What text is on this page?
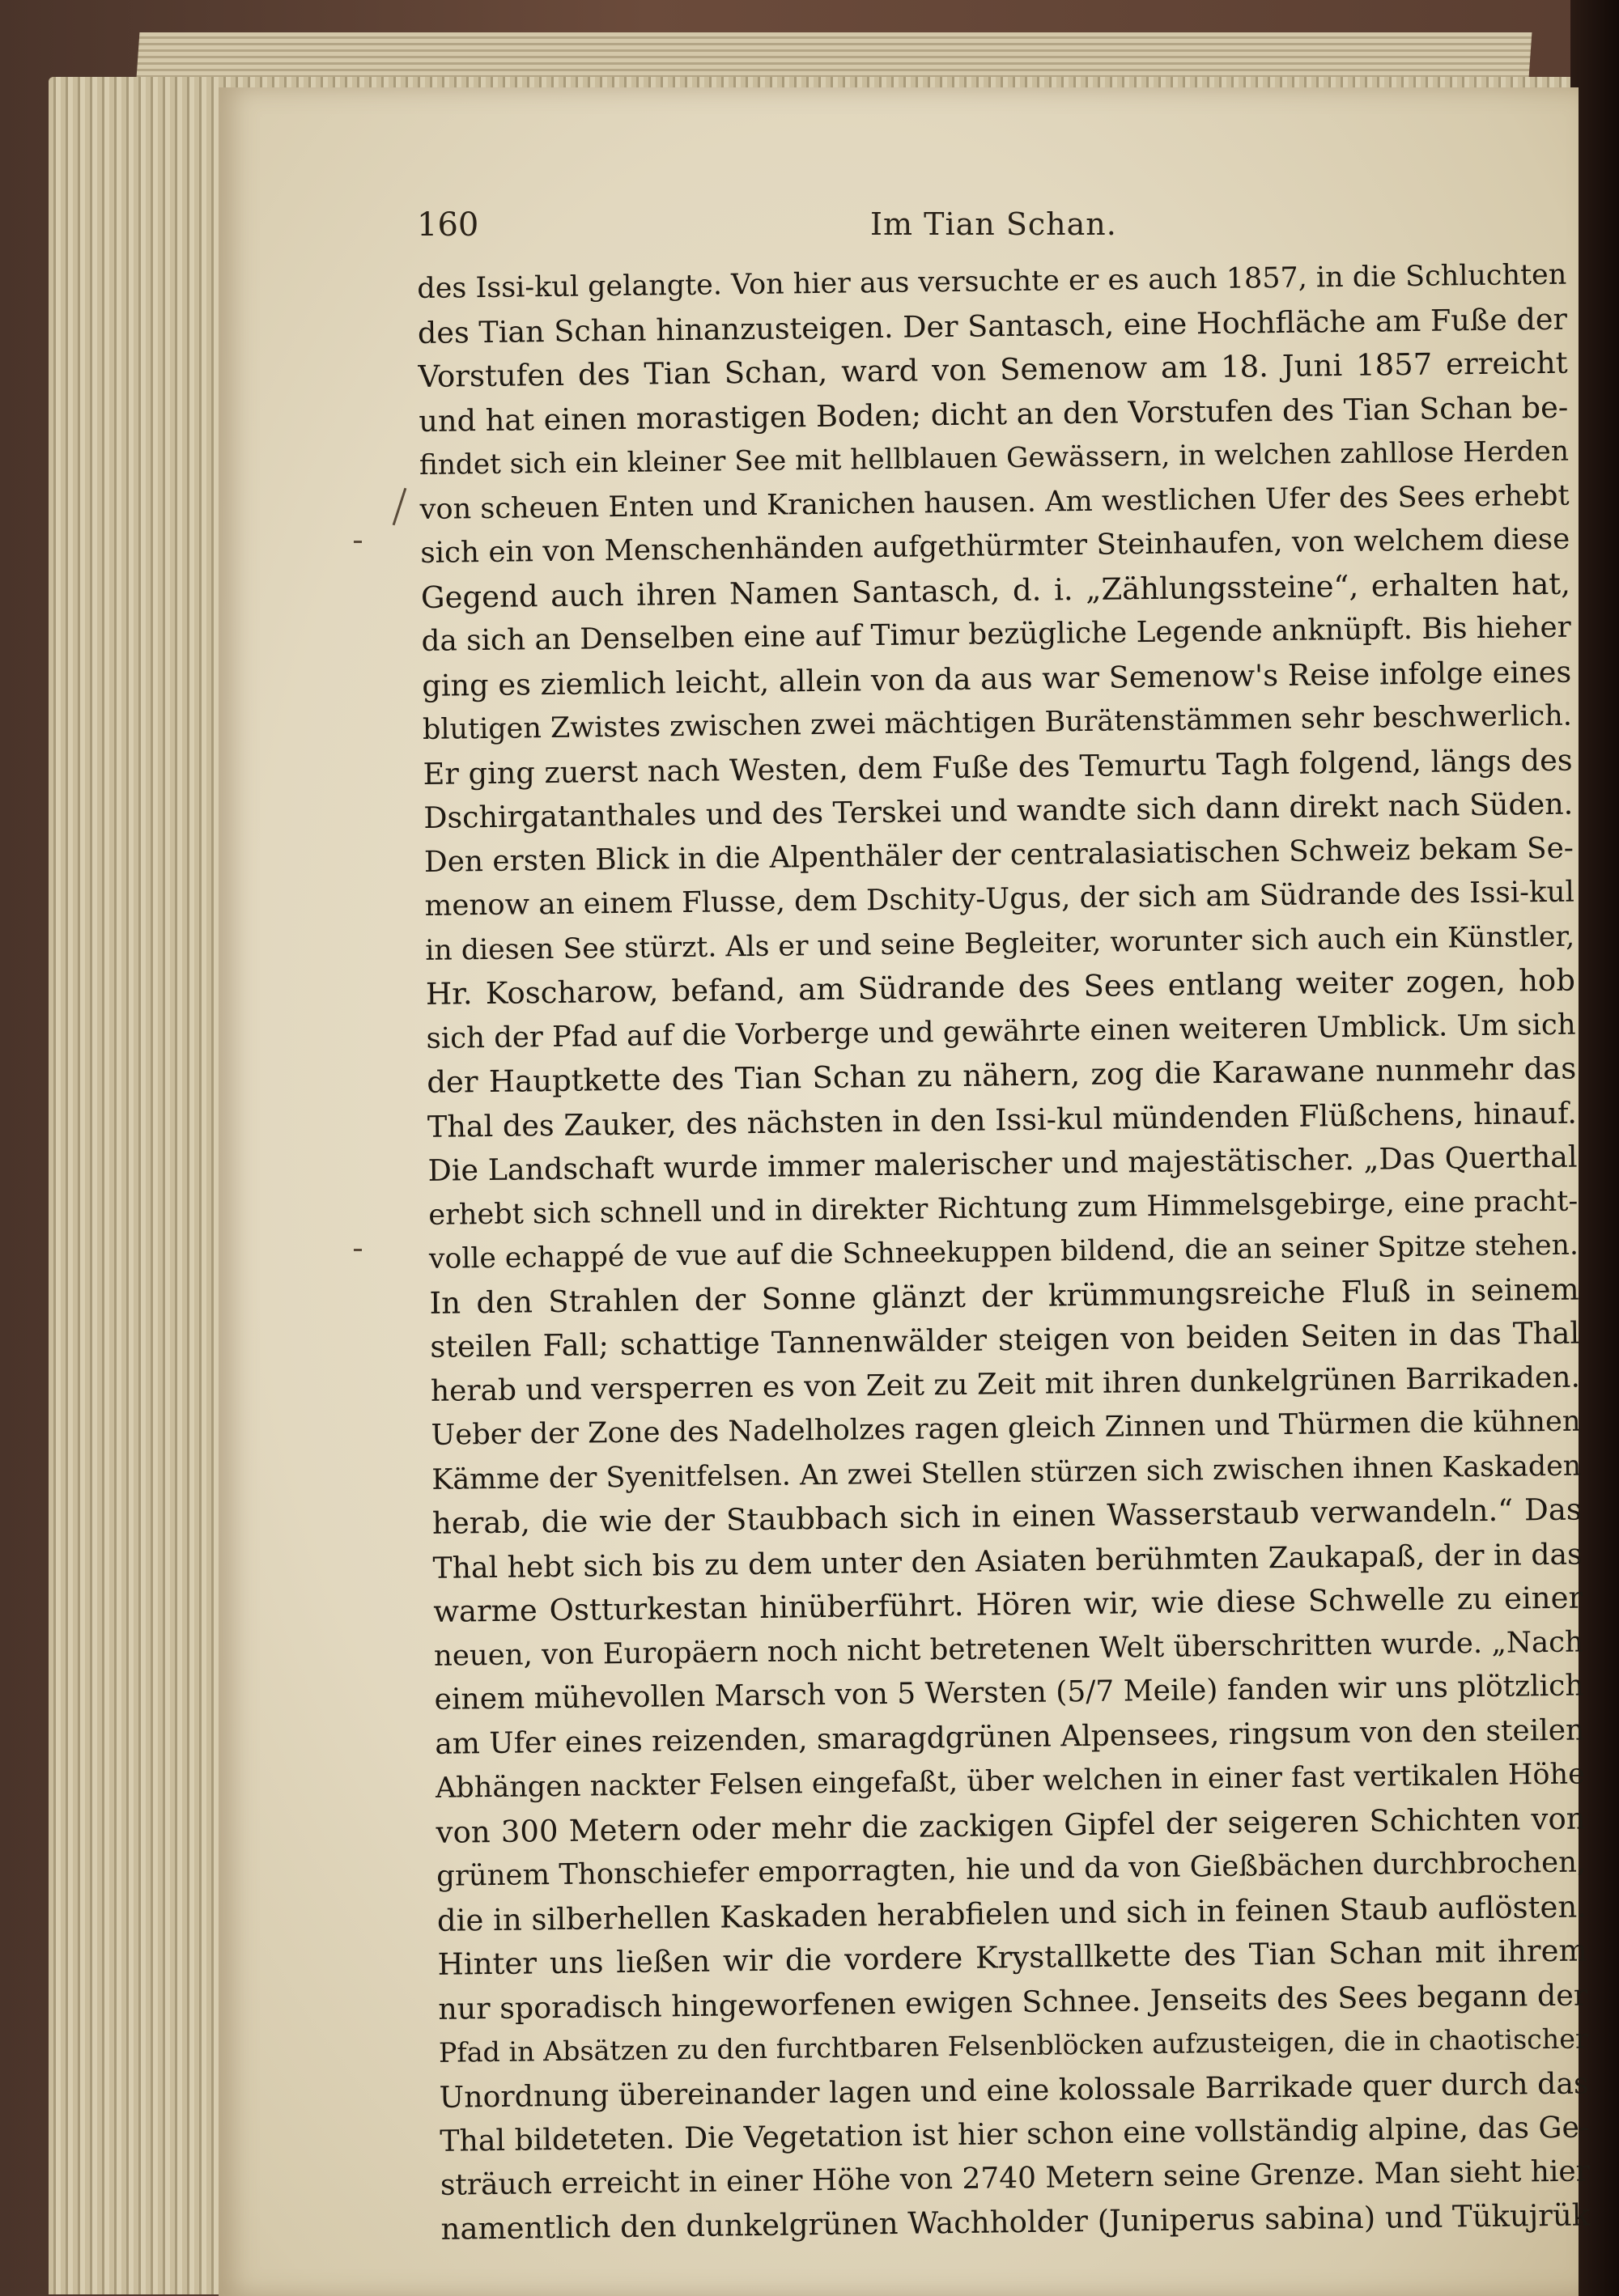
160	Im Tian Schan.
des Issi-kul gelangte. Von hier aus versuchte er es auch 1857, in die Schluchten
des Tian Schan hinanzusteigen. Der Santasch, eine Hochfläche am Fuße der
Vorstufen des Tian Schan, ward von Semenow am 18. Juni 1857 erreicht
und hat einen morastigen Boden; dicht an den Vorstufen des Tian Schan be-
findet sich ein kleiner See mit hellblauen Gewässern, in welchen zahllose Herden
von scheuen Enten und Kranichen hausen. Am westlichen Ufer des Sees erhebt
sich ein von Menschenhänden aufgethürmter Steinhaufen, von welchem diese
Gegend auch ihren Namen Santasch, d. i. „Zählungssteine“, erhalten hat,
da sich an Denselben eine auf Timur bezügliche Legende anknüpft. Bis hieher
ging es ziemlich leicht, allein von da aus war Semenow's Reise infolge eines
blutigen Zwistes zwischen zwei mächtigen Burätenstämmen sehr beschwerlich.
Er ging zuerst nach Westen, dem Fuße des Temurtu Tagh folgend, längs des
Dschirgatanthales und des Terskei und wandte sich dann direkt nach Süden.
Den ersten Blick in die Alpenthäler der centralasiatischen Schweiz bekam Se-
menow an einem Flusse, dem Dschity-Ugus, der sich am Südrande des Issi-kul
in diesen See stürzt. Als er und seine Begleiter, worunter sich auch ein Künstler,
Hr. Koscharow, befand, am Südrande des Sees entlang weiter zogen, hob
sich der Pfad auf die Vorberge und gewährte einen weiteren Umblick. Um sich
der Hauptkette des Tian Schan zu nähern, zog die Karawane nunmehr das
Thal des Zauker, des nächsten in den Issi-kul mündenden Flüßchens, hinauf.
Die Landschaft wurde immer malerischer und majestätischer. „Das Querthal
erhebt sich schnell und in direkter Richtung zum Himmelsgebirge, eine pracht-
volle echappé de vue auf die Schneekuppen bildend, die an seiner Spitze stehen.
In den Strahlen der Sonne glänzt der krümmungsreiche Fluß in seinem
steilen Fall; schattige Tannenwälder steigen von beiden Seiten in das Thal
herab und versperren es von Zeit zu Zeit mit ihren dunkelgrünen Barrikaden.
Ueber der Zone des Nadelholzes ragen gleich Zinnen und Thürmen die kühnen
Kämme der Syenitfelsen. An zwei Stellen stürzen sich zwischen ihnen Kaskaden
herab, die wie der Staubbach sich in einen Wasserstaub verwandeln.“ Das
Thal hebt sich bis zu dem unter den Asiaten berühmten Zaukapaß, der in das
warme Ostturkestan hinüberführt. Hören wir, wie diese Schwelle zu einer
neuen, von Europäern noch nicht betretenen Welt überschritten wurde. „Nach
einem mühevollen Marsch von 5 Wersten (5/7 Meile) fanden wir uns plötzlich
am Ufer eines reizenden, smaragdgrünen Alpensees, ringsum von den steilen
Abhängen nackter Felsen eingefaßt, über welchen in einer fast vertikalen Höhe
von 300 Metern oder mehr die zackigen Gipfel der seigeren Schichten von
grünem Thonschiefer emporragten, hie und da von Gießbächen durchbrochen,
die in silberhellen Kaskaden herabfielen und sich in feinen Staub auflösten.
Hinter uns ließen wir die vordere Krystallkette des Tian Schan mit ihrem
nur sporadisch hingeworfenen ewigen Schnee. Jenseits des Sees begann der
Pfad in Absätzen zu den furchtbaren Felsenblöcken aufzusteigen, die in chaotischer
Unordnung übereinander lagen und eine kolossale Barrikade quer durch das
Thal bildeteten. Die Vegetation ist hier schon eine vollständig alpine, das Ge-
sträuch erreicht in einer Höhe von 2740 Metern seine Grenze. Man sieht hier
namentlich den dunkelgrünen Wachholder (Juniperus sabina) und Tükujrük
